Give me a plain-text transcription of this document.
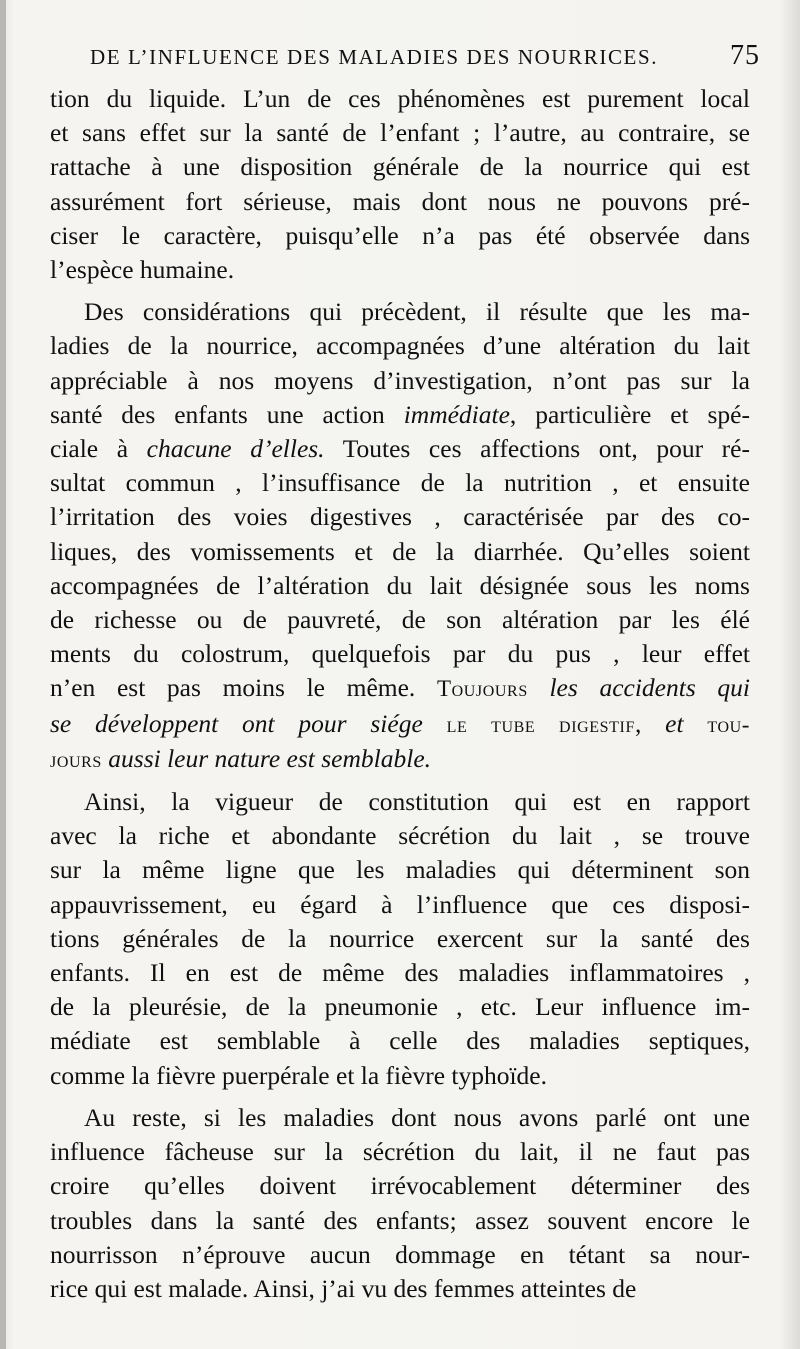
DE L’INFLUENCE DES MALADIES DES NOURRICES.	75
tion du liquide. L’un de ces phénomènes est purement local
et sans effet sur la santé de l’enfant ; l’autre, au contraire, se
rattache à une disposition générale de la nourrice qui est
assurément fort sérieuse, mais dont nous ne pouvons pré-
ciser le caractère, puisqu’elle n’a pas été observée dans
l’espèce humaine.
Des considérations qui précèdent, il résulte que les ma-
ladies de la nourrice, accompagnées d’une altération du lait
appréciable à nos moyens d’investigation, n’ont pas sur la
santé des enfants une action immédiate, particulière et spé-
ciale à chacune d’elles. Toutes ces affections ont, pour ré-
sultat commun , l’insuffisance de la nutrition , et ensuite
l’irritation des voies digestives , caractérisée par des co-
liques, des vomissements et de la diarrhée. Qu’elles soient
accompagnées de l’altération du lait désignée sous les noms
de richesse ou de pauvreté, de son altération par les élé
ments du colostrum, quelquefois par du pus , leur effet
n’en est pas moins le même. Toujours les accidents qui
se développent ont pour siége le tube digestif, et tou-
jours aussi leur nature est semblable.
Ainsi, la vigueur de constitution qui est en rapport
avec la riche et abondante sécrétion du lait , se trouve
sur la même ligne que les maladies qui déterminent son
appauvrissement, eu égard à l’influence que ces disposi-
tions générales de la nourrice exercent sur la santé des
enfants. Il en est de même des maladies inflammatoires ,
de la pleurésie, de la pneumonie , etc. Leur influence im-
médiate est semblable à celle des maladies septiques,
comme la fièvre puerpérale et la fièvre typhoïde.
Au reste, si les maladies dont nous avons parlé ont une
influence fâcheuse sur la sécrétion du lait, il ne faut pas
croire qu’elles doivent irrévocablement déterminer des
troubles dans la santé des enfants; assez souvent encore le
nourrisson n’éprouve aucun dommage en tétant sa nour-
rice qui est malade. Ainsi, j’ai vu des femmes atteintes de
